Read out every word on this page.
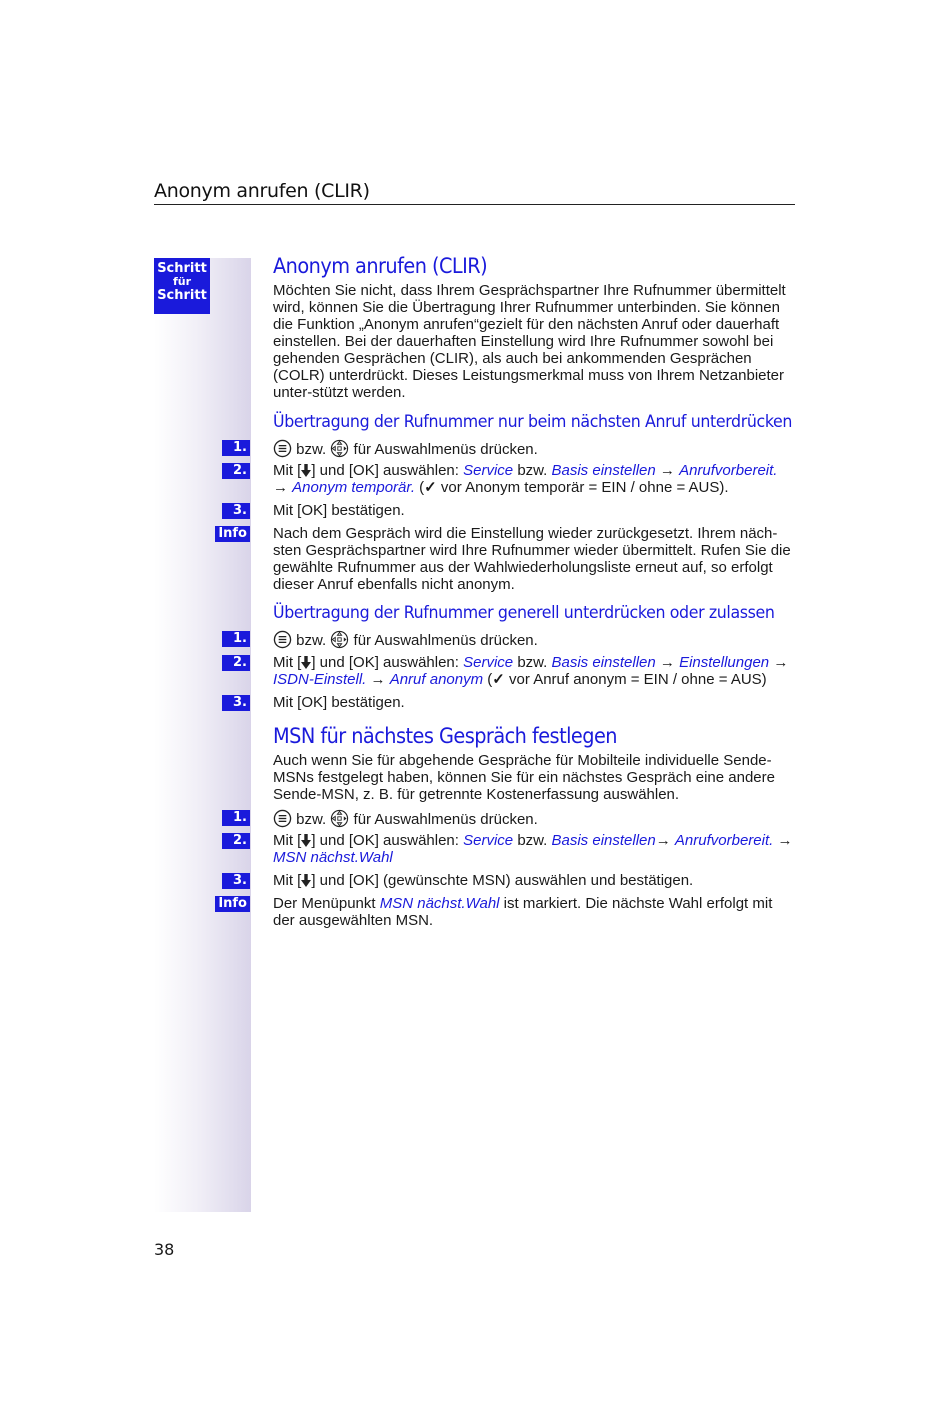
Anonym anrufen (CLIR)
Schritt
für
Schritt
1.
2.
3.
Info
1.
2.
3.
1.
2.
3.
Info
Anonym anrufen (CLIR)

Möchten Sie nicht, dass Ihrem Gesprächspartner Ihre Rufnummer übermittelt wird, können Sie die Übertragung Ihrer Rufnummer unterbinden. Sie können die Funktion „Anonym anrufen“gezielt für den nächsten Anruf oder dauerhaft einstellen. Bei der dauerhaften Einstellung wird Ihre Rufnummer sowohl bei gehenden Gesprächen (CLIR), als auch bei ankommenden Gesprächen (COLR) unterdrückt. Dieses Leistungsmerkmal muss von Ihrem Netzanbieter unter-stützt werden.

Übertragung der Rufnummer nur beim nächsten Anruf unterdrücken
bzw. für Auswahlmenüs drücken.
Mit [ ] und [OK] auswählen: Service bzw. Basis einstellen → Anrufvorbereit. → Anonym temporär. (✓ vor Anonym temporär = EIN / ohne = AUS).
Mit [OK] bestätigen.

Nach dem Gespräch wird die Einstellung wieder zurückgesetzt. Ihrem näch-sten Gesprächspartner wird Ihre Rufnummer wieder übermittelt. Rufen Sie die gewählte Rufnummer aus der Wahlwiederholungsliste erneut auf, so erfolgt dieser Anruf ebenfalls nicht anonym.

Übertragung der Rufnummer generell unterdrücken oder zulassen
bzw. für Auswahlmenüs drücken.
Mit [ ] und [OK] auswählen: Service bzw. Basis einstellen → Einstellungen → ISDN-Einstell. → Anruf anonym (✓ vor Anruf anonym = EIN / ohne = AUS)
Mit [OK] bestätigen.
MSN für nächstes Gespräch festlegen

Auch wenn Sie für abgehende Gespräche für Mobilteile individuelle Sende-MSNs festgelegt haben, können Sie für ein nächstes Gespräch eine andere Sende-MSN, z. B. für getrennte Kostenerfassung auswählen.

bzw. für Auswahlmenüs drücken.
Mit [ ] und [OK] auswählen: Service bzw. Basis einstellen→ Anrufvorbereit. → MSN nächst.Wahl
Mit [ ] und [OK] (gewünschte MSN) auswählen und bestätigen.
Der Menüpunkt MSN nächst.Wahl ist markiert. Die nächste Wahl erfolgt mit der ausgewählten MSN.
38
